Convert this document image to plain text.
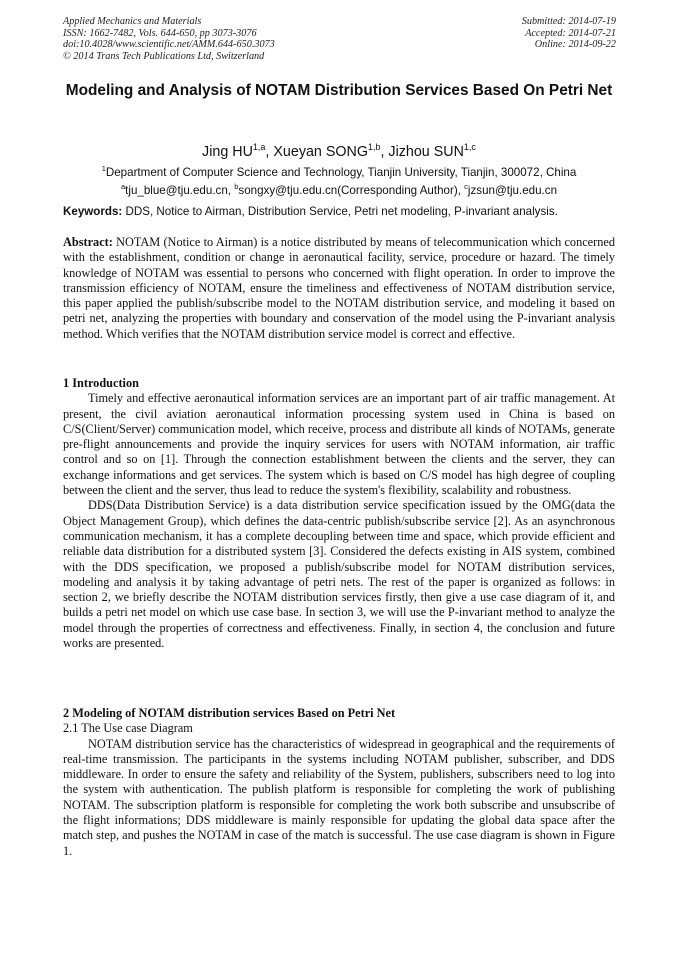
Applied Mechanics and Materials
ISSN: 1662-7482, Vols. 644-650, pp 3073-3076
doi:10.4028/www.scientific.net/AMM.644-650.3073
© 2014 Trans Tech Publications Ltd, Switzerland
Submitted: 2014-07-19
Accepted: 2014-07-21
Online: 2014-09-22
Modeling and Analysis of NOTAM Distribution Services Based On Petri Net
Jing HU$^{1,a}$, Xueyan SONG$^{1,b}$, Jizhou SUN$^{1,c}$
$^1$Department of Computer Science and Technology, Tianjin University, Tianjin, 300072, China
$^a$tju_blue@tju.edu.cn, $^b$songxy@tju.edu.cn(Corresponding Author), $^c$jzsun@tju.edu.cn
Keywords: DDS, Notice to Airman, Distribution Service, Petri net modeling, P-invariant analysis.

Abstract: NOTAM (Notice to Airman) is a notice distributed by means of telecommunication which concerned with the establishment, condition or change in aeronautical facility, service, procedure or hazard. The timely knowledge of NOTAM was essential to persons who concerned with flight operation. In order to improve the transmission efficiency of NOTAM, ensure the timeliness and effectiveness of NOTAM distribution service, this paper applied the publish/subscribe model to the NOTAM distribution service, and modeling it based on petri net, analyzing the properties with boundary and conservation of the model using the P-invariant analysis method. Which verifies that the NOTAM distribution service model is correct and effective.

1 Introduction

Timely and effective aeronautical information services are an important part of air traffic management. At present, the civil aviation aeronautical information processing system used in China is based on C/S(Client/Server) communication model, which receive, process and distribute all kinds of NOTAMs, generate pre-flight announcements and provide the inquiry services for users with NOTAM information, air traffic control and so on [1]. Through the connection establishment between the clients and the server, they can exchange informations and get services. The system which is based on C/S model has high degree of coupling between the client and the server, thus lead to reduce the system's flexibility, scalability and robustness.

DDS(Data Distribution Service) is a data distribution service specification issued by the OMG(data the Object Management Group), which defines the data-centric publish/subscribe service [2]. As an asynchronous communication mechanism, it has a complete decoupling between time and space, which provide efficient and reliable data distribution for a distributed system [3]. Considered the defects existing in AIS system, combined with the DDS specification, we proposed a publish/subscribe model for NOTAM distribution services, modeling and analysis it by taking advantage of petri nets. The rest of the paper is organized as follows: in section 2, we briefly describe the NOTAM distribution services firstly, then give a use case diagram of it, and builds a petri net model on which use case base. In section 3, we will use the P-invariant method to analyze the model through the properties of correctness and effectiveness. Finally, in section 4, the conclusion and future works are presented.

2 Modeling of NOTAM distribution services Based on Petri Net

2.1 The Use case Diagram

NOTAM distribution service has the characteristics of widespread in geographical and the requirements of real-time transmission. The participants in the systems including NOTAM publisher, subscriber, and DDS middleware. In order to ensure the safety and reliability of the System, publishers, subscribers need to log into the system with authentication. The publish platform is responsible for completing the work of publishing NOTAM. The subscription platform is responsible for completing the work both subscribe and unsubscribe of the flight informations; DDS middleware is mainly responsible for updating the global data space after the match step, and pushes the NOTAM in case of the match is successful. The use case diagram is shown in Figure 1.
